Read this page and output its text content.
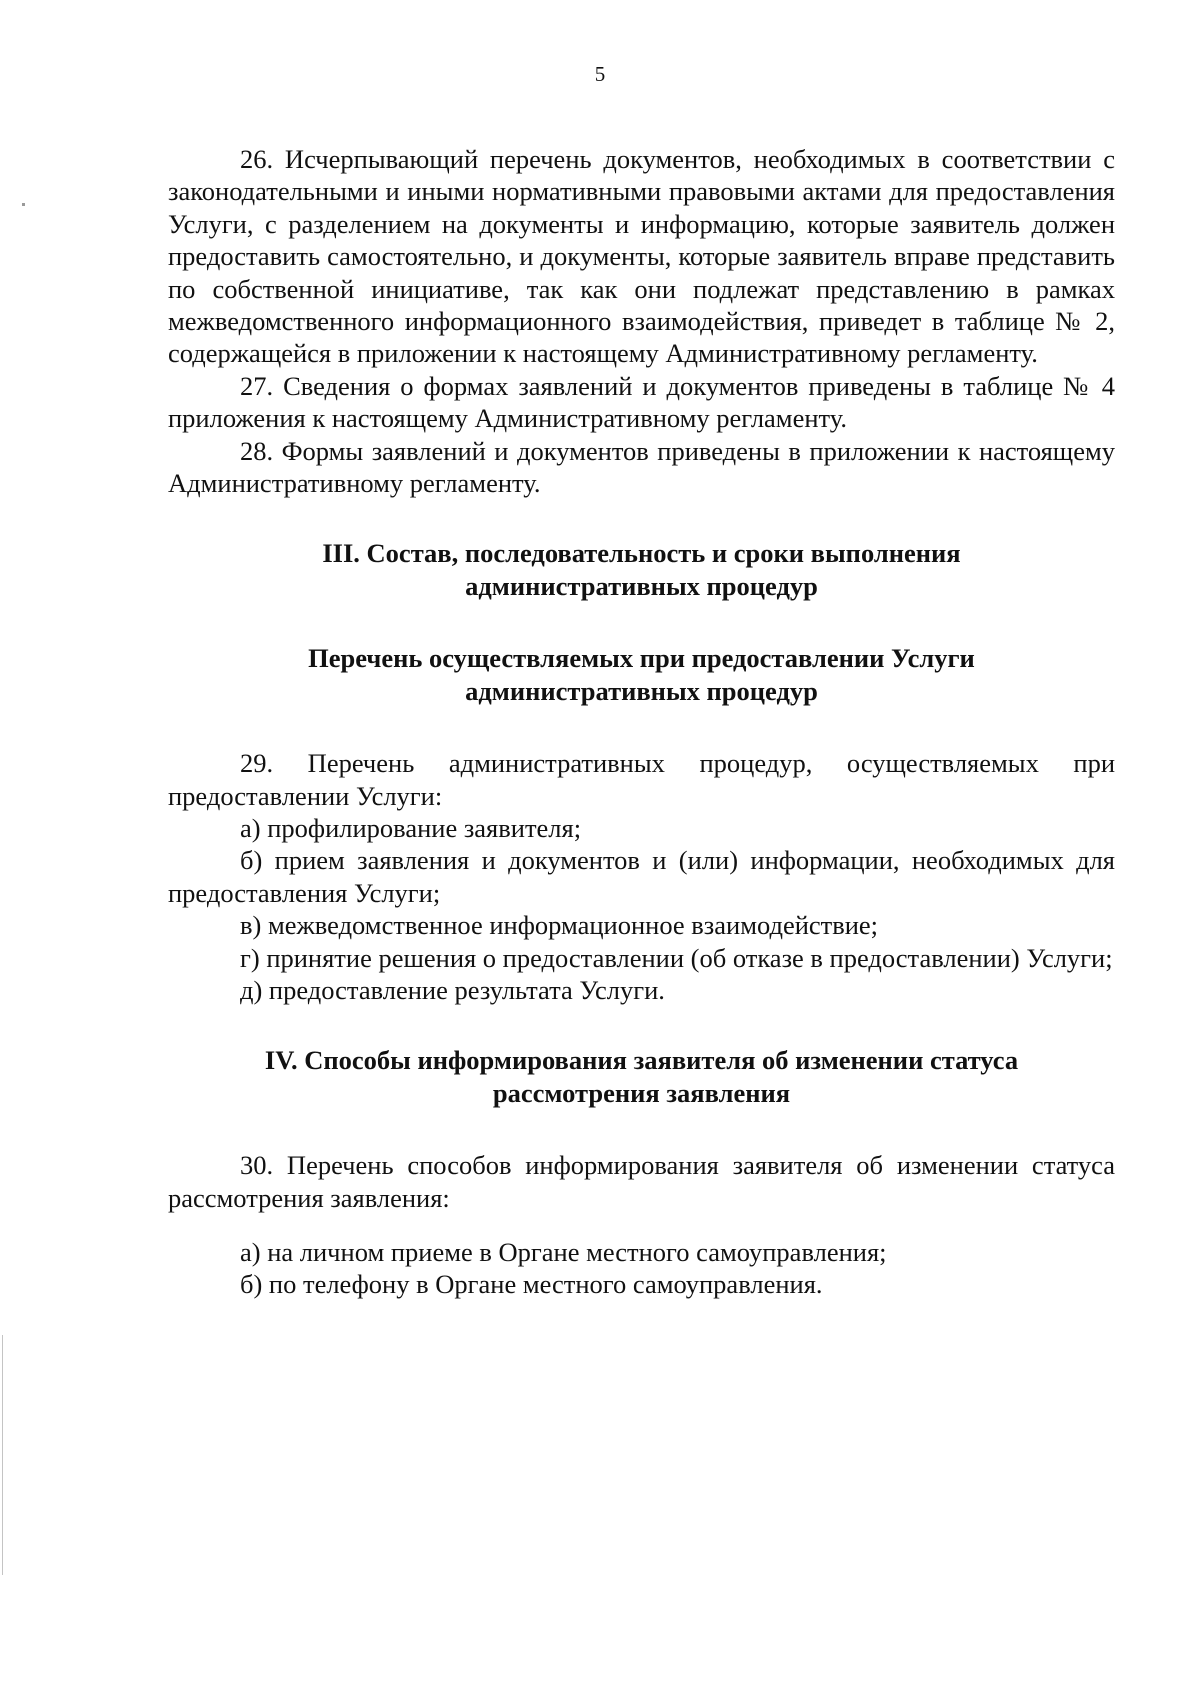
5

26. Исчерпывающий перечень документов, необходимых в соответствии с законодательными и иными нормативными правовыми актами для предоставления Услуги, с разделением на документы и информацию, которые заявитель должен предоставить самостоятельно, и документы, которые заявитель вправе представить по собственной инициативе, так как они подлежат представлению в рамках межведомственного информационного взаимодействия, приведет в таблице № 2, содержащейся в приложении к настоящему Административному регламенту.

27. Сведения о формах заявлений и документов приведены в таблице № 4 приложения к настоящему Административному регламенту.

28. Формы заявлений и документов приведены в приложении к настоящему Административному регламенту.

III. Состав, последовательность и сроки выполнения
административных процедур
Перечень осуществляемых при предоставлении Услуги
административных процедур

29. Перечень административных процедур, осуществляемых при предоставлении Услуги:

а) профилирование заявителя;

б) прием заявления и документов и (или) информации, необходимых для предоставления Услуги;

в) межведомственное информационное взаимодействие;

г) принятие решения о предоставлении (об отказе в предоставлении) Услуги;

д) предоставление результата Услуги.

IV. Способы информирования заявителя об изменении статуса
рассмотрения заявления

30. Перечень способов информирования заявителя об изменении статуса рассмотрения заявления:

а) на личном приеме в Органе местного самоуправления;

б) по телефону в Органе местного самоуправления.
